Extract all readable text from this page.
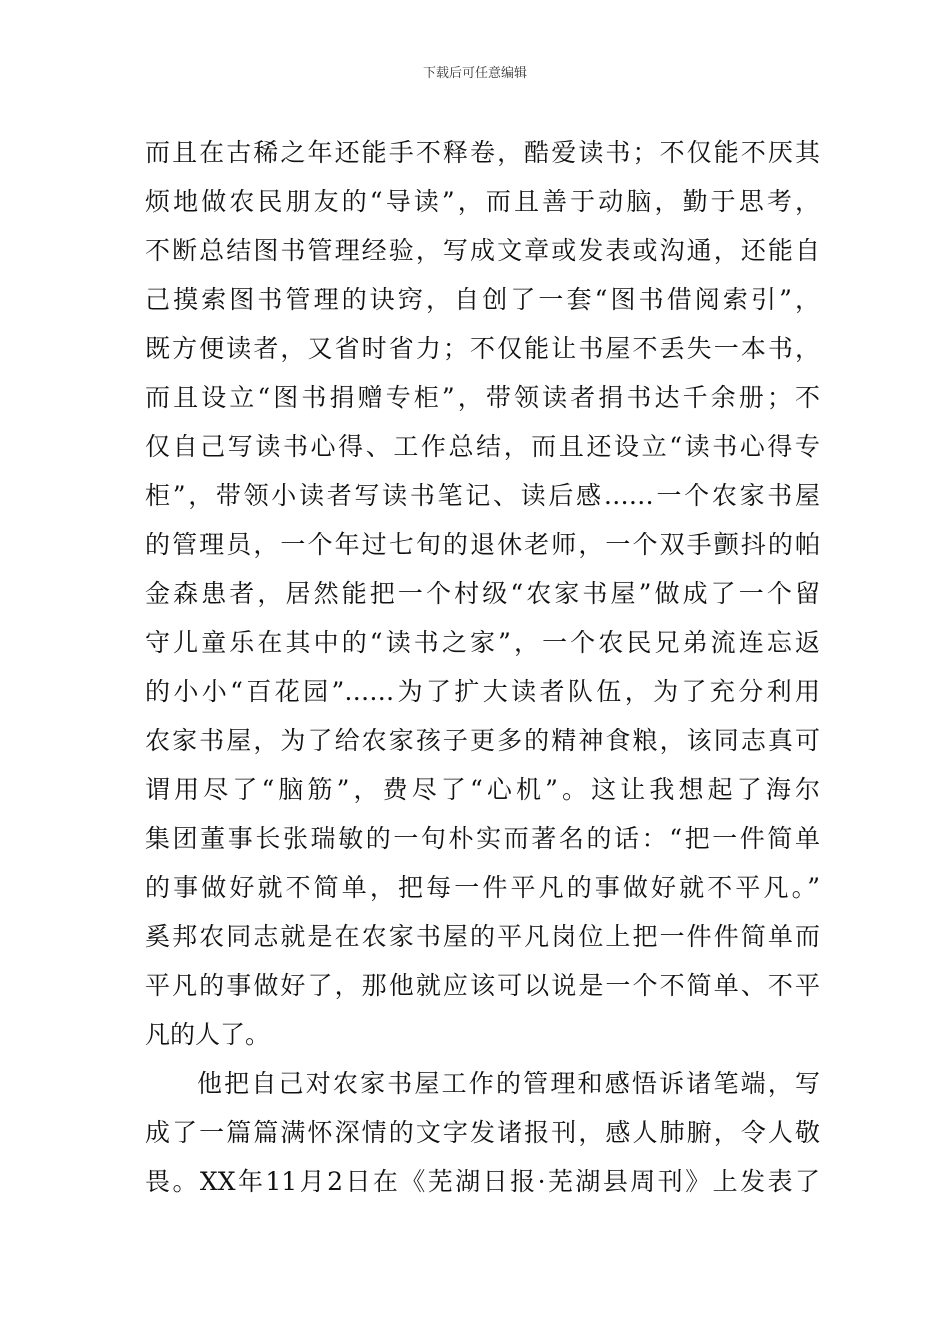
下载后可任意编辑
而且在古稀之年还能手不释卷，酷爱读书；不仅能不厌其
烦地做农民朋友的“导读”，而且善于动脑，勤于思考，
不断总结图书管理经验，写成文章或发表或沟通，还能自
己摸索图书管理的诀窍，自创了一套“图书借阅索引”，
既方便读者，又省时省力；不仅能让书屋不丢失一本书，
而且设立“图书捐赠专柜”，带领读者捐书达千余册；不
仅自己写读书心得、工作总结，而且还设立“读书心得专
柜”，带领小读者写读书笔记、读后感……一个农家书屋
的管理员，一个年过七旬的退休老师，一个双手颤抖的帕
金森患者，居然能把一个村级“农家书屋”做成了一个留
守儿童乐在其中的“读书之家”，一个农民兄弟流连忘返
的小小“百花园”……为了扩大读者队伍，为了充分利用
农家书屋，为了给农家孩子更多的精神食粮，该同志真可
谓用尽了“脑筋”，费尽了“心机”。这让我想起了海尔
集团董事长张瑞敏的一句朴实而著名的话：“把一件简单
的事做好就不简单，把每一件平凡的事做好就不平凡。”
奚邦农同志就是在农家书屋的平凡岗位上把一件件简单而
平凡的事做好了，那他就应该可以说是一个不简单、不平
凡的人了。
他把自己对农家书屋工作的管理和感悟诉诸笔端，写
成了一篇篇满怀深情的文字发诸报刊，感人肺腑，令人敬
畏。XX年11月2日在《芜湖日报·芜湖县周刊》上发表了
